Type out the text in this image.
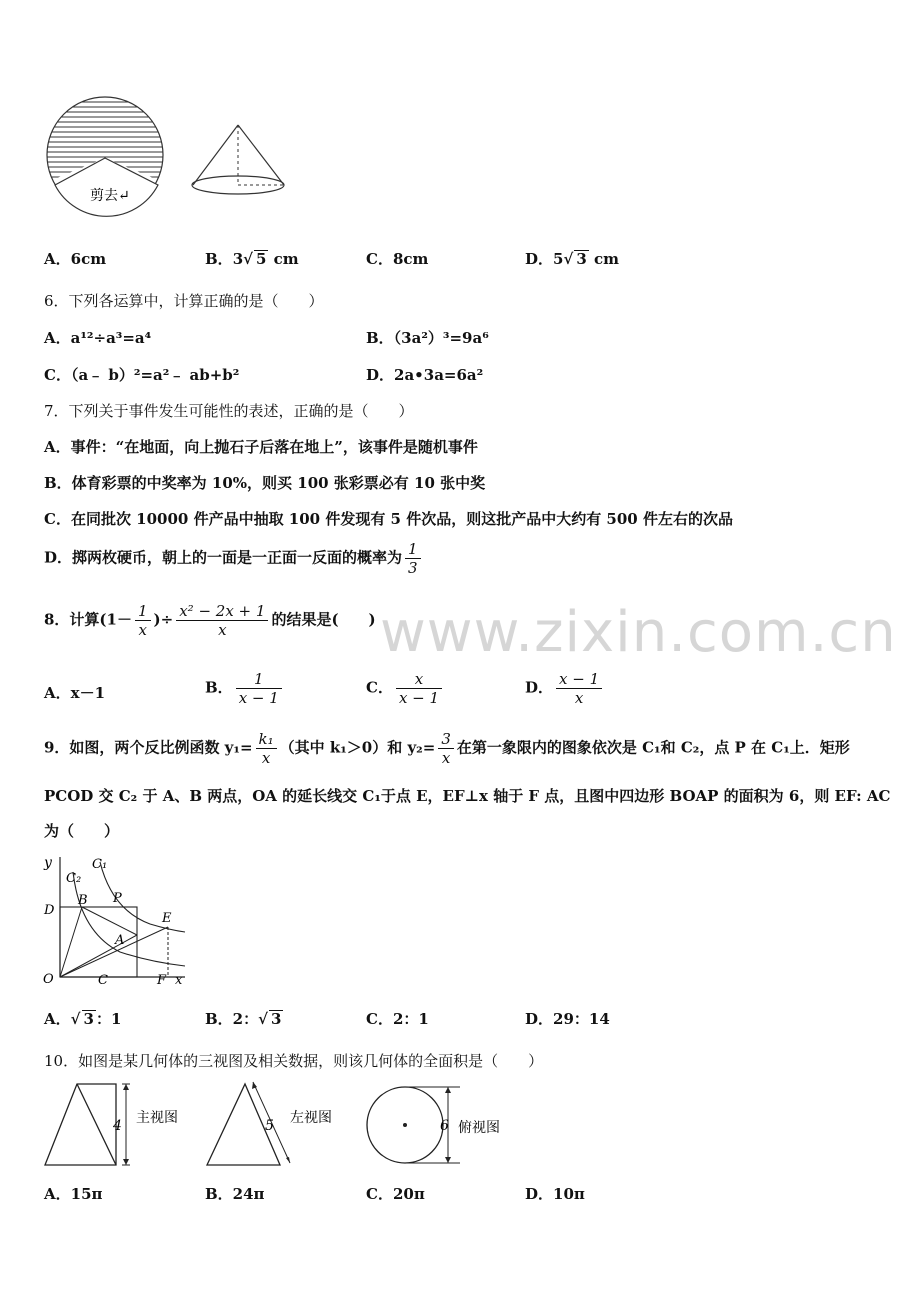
www.zixin.com.cn
剪去↵
A．6cm	B．3√ 5 cm	C．8cm	D．5√ 3 cm
6．下列各运算中，计算正确的是（　　）
A．a¹²÷a³=a⁴	B．（3a²）³=9a⁶
C．（a﹣ b）²=a²﹣ ab+b²	D．2a•3a=6a²
7．下列关于事件发生可能性的表述，正确的是（　　）
A．事件：“在地面，向上抛石子后落在地上”，该事件是随机事件
B．体育彩票的中奖率为 10%，则买 100 张彩票必有 10 张中奖
C．在同批次 10000 件产品中抽取 100 件发现有 5 件次品，则这批产品中大约有 500 件左右的次品
D．掷两枚硬币，朝上的一面是一正面一反面的概率为 $\frac{1}{3}$
8．计算($1- \frac{1}{x}$ )÷ $\frac{\text{x² − 2x + 1}}{x}$ 的结果是(　　)
A．x－1	B． $\frac{1}{x - 1}$	C． $\frac{x}{x - 1}$	D． $\frac{x - 1}{x}$
9．如图，两个反比例函数 $y_1= \frac{\text{k₁}}{x}$ （其中 k₁＞0）和 $y_2= \frac{3}{x}$ 在第一象限内的图象依次是 C₁和 C₂，点 P 在 C₁上．矩形
PCOD 交 C₂ 于 A、B 两点，OA 的延长线交 C₁于点 E，EF⊥x 轴于 F 点，且图中四边形 BOAP 的面积为 6，则 EF: AC
为（　　）
y
C₂
C₁
B P
D
E
A
O	C	F x
A．√ 3 ：1	B．2：√ 3	C．2：1	D．29：14
10．如图是某几何体的三视图及相关数据，则该几何体的全面积是（　　）
4 主视图	5 左视图	6 俯视图
A．15π	B．24π	C．20π	D．10π
